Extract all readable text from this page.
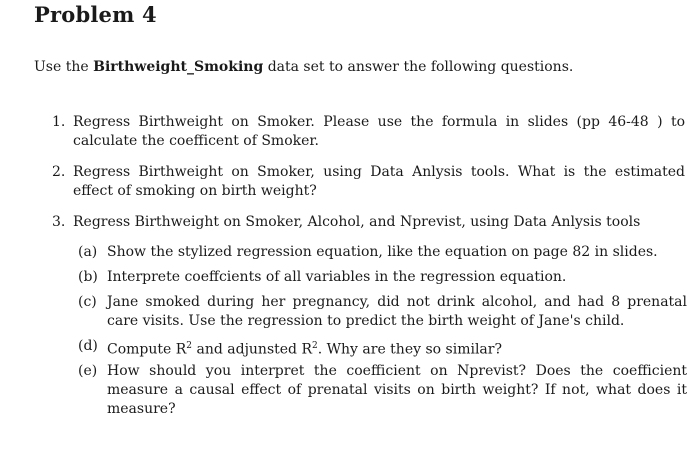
Problem 4
Use the Birthweight_Smoking data set to answer the following questions.
1. Regress Birthweight on Smoker. Please use the formula in slides (pp 46-48 ) to calculate the coefficent of Smoker.
2. Regress Birthweight on Smoker, using Data Anlysis tools. What is the estimated effect of smoking on birth weight?
3. Regress Birthweight on Smoker, Alcohol, and Nprevist, using Data Anlysis tools
(a) Show the stylized regression equation, like the equation on page 82 in slides.
(b) Interprete coeffcients of all variables in the regression equation.
(c) Jane smoked during her pregnancy, did not drink alcohol, and had 8 prenatal care visits. Use the regression to predict the birth weight of Jane's child.
(d) Compute $R^2$ and adjunsted $R^2$. Why are they so similar?
(e) How should you interpret the coefficient on Nprevist? Does the coefficient measure a causal effect of prenatal visits on birth weight? If not, what does it measure?
